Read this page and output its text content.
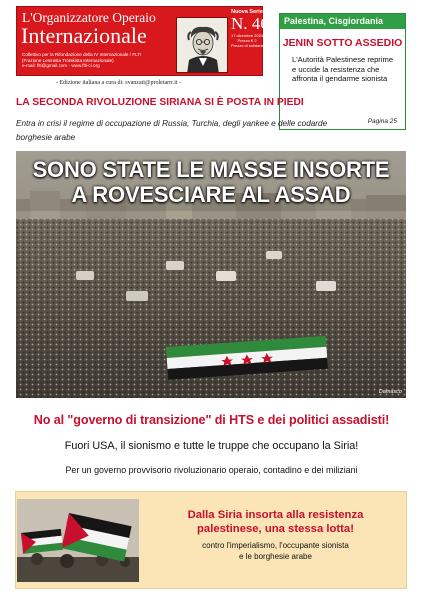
L'Organizzatore Operaio
Internazionale
Collettivo per la Rifondazione della IV Internazionale / FLTI
(Frazione Leninista Trotskista Internazionale)
e-mail: flti@gmail.com - www.flti-ci.org
Nuova Serie
N. 46
17 dicembre 2024
Prezzo € 2
Prezzo di solidarietà € 5
- Edizione italiana a cura di: svanzati@proletarrr.it -
Palestina, Cisgiordania
JENIN SOTTO ASSEDIO
L'Autorità Palestinese reprime e uccide la resistenza che affronta il gendarme sionista
Pagina 25
LA SECONDA RIVOLUZIONE SIRIANA SI È POSTA IN PIEDI
Entra in crisi il regime di occupazione di Russia, Turchia, degli yankee e delle codarde borghesie arabe
SONO STATE LE MASSE INSORTE
A ROVESCIARE AL ASSAD
Damasco
No al "governo di transizione" di HTS e dei politici assadisti!
Fuori USA, il sionismo e tutte le truppe che occupano la Siria!
Per un governo provvisorio rivoluzionario operaio, contadino e dei miliziani
Dalla Siria insorta alla resistenza
palestinese, una stessa lotta!
contro l'imperialismo, l'occupante sionista
e le borghesie arabe
